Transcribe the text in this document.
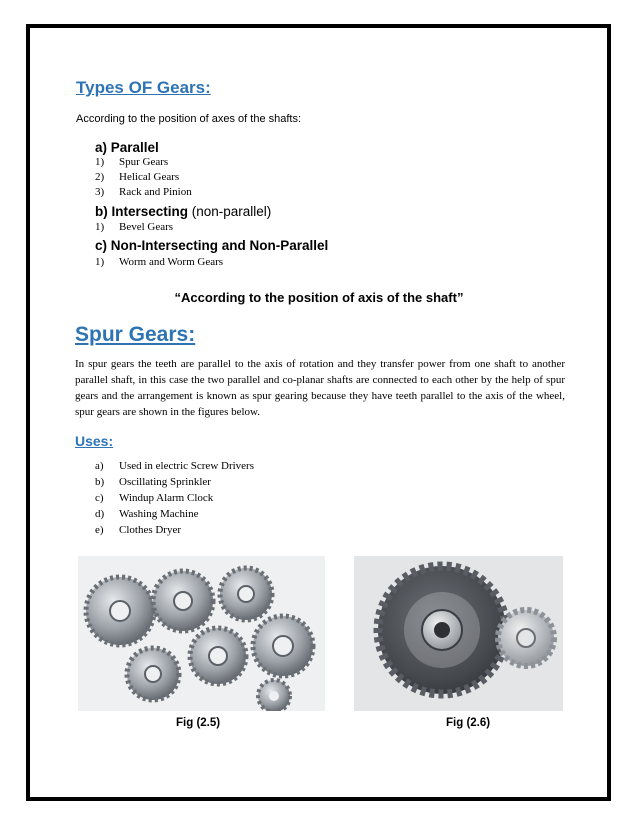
Types OF Gears:
According to the position of axes of the shafts:
a) Parallel
1) Spur Gears
2) Helical Gears
3) Rack and Pinion
b) Intersecting (non-parallel)
1) Bevel Gears
c) Non-Intersecting and Non-Parallel
1) Worm and Worm Gears
“According to the position of axis of the shaft”
Spur Gears:
In spur gears the teeth are parallel to the axis of rotation and they transfer power from one shaft to another parallel shaft, in this case the two parallel and co-planar shafts are connected to each other by the help of spur gears and the arrangement is known as spur gearing because they have teeth parallel to the axis of the wheel, spur gears are shown in the figures below.
Uses:
a) Used in electric Screw Drivers
b) Oscillating Sprinkler
c) Windup Alarm Clock
d) Washing Machine
e) Clothes Dryer
Fig (2.5)	Fig (2.6)
